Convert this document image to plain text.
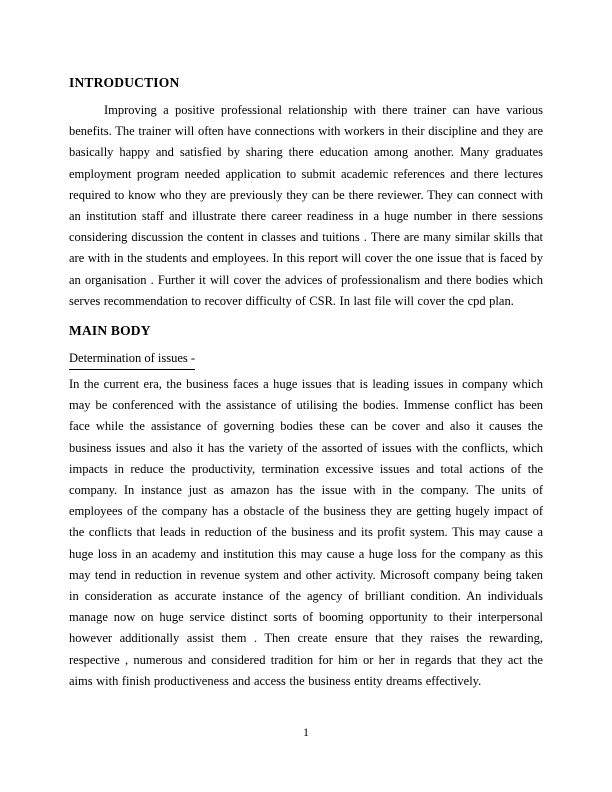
INTRODUCTION

Improving a positive professional relationship with there trainer can have various benefits. The trainer will often have connections with workers in their discipline and they are basically happy and satisfied by sharing there education among another. Many graduates employment program needed application to submit academic references and there lectures required to know who they are previously they can be there reviewer. They can connect with an institution staff and illustrate there career readiness in a huge number in there sessions considering discussion the content in classes and tuitions . There are many similar skills that are with in the students and employees. In this report will cover the one issue that is faced by an organisation . Further it will cover the advices of professionalism and there bodies which serves recommendation to recover difficulty of CSR. In last file will cover the cpd plan.

MAIN BODY
Determination of issues -

In the current era, the business faces a huge issues that is leading issues in company which may be conferenced with the assistance of utilising the bodies. Immense conflict has been face while the assistance of governing bodies these can be cover and also it causes the business issues and also it has the variety of the assorted of issues with the conflicts, which impacts in reduce the productivity, termination excessive issues and total actions of the company. In instance just as amazon has the issue with in the company. The units of employees of the company has a obstacle of the business they are getting hugely impact of the conflicts that leads in reduction of the business and its profit system. This may cause a huge loss in an academy and institution this may cause a huge loss for the company as this may tend in reduction in revenue system and other activity. Microsoft company being taken in consideration as accurate instance of the agency of brilliant condition. An individuals manage now on huge service distinct sorts of booming opportunity to their interpersonal however additionally assist them . Then create ensure that they raises the rewarding, respective , numerous and considered tradition for him or her in regards that they act the aims with finish productiveness and access the business entity dreams effectively.

1
